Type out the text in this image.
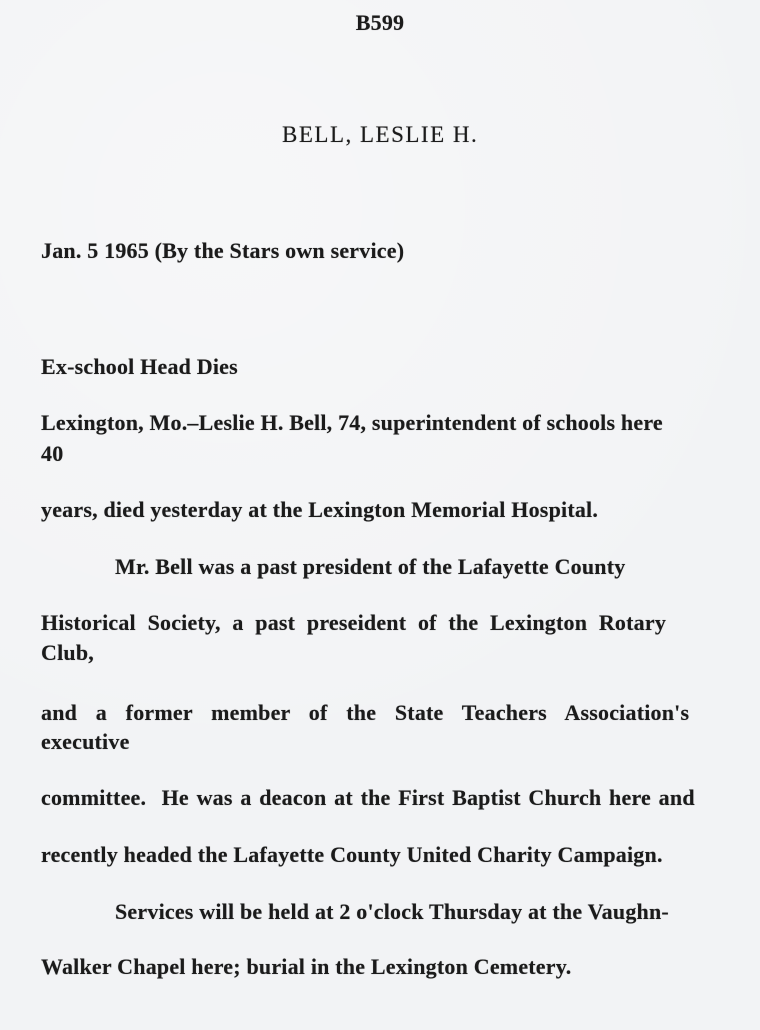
B599
BELL, LESLIE H.
Jan. 5 1965 (By the Stars own service)
Ex-school Head Dies
Lexington, Mo.–Leslie H. Bell, 74, superintendent of schools here
40
years, died yesterday at the Lexington Memorial Hospital.
Mr. Bell was a past president of the Lafayette County
Historical Society, a past preseident of the Lexington Rotary
Club,
and a former member of the State Teachers Association's
executive
committee.  He was a deacon at the First Baptist Church here and
recently headed the Lafayette County United Charity Campaign.
Services will be held at 2 o'clock Thursday at the Vaughn-
Walker Chapel here; burial in the Lexington Cemetery.
